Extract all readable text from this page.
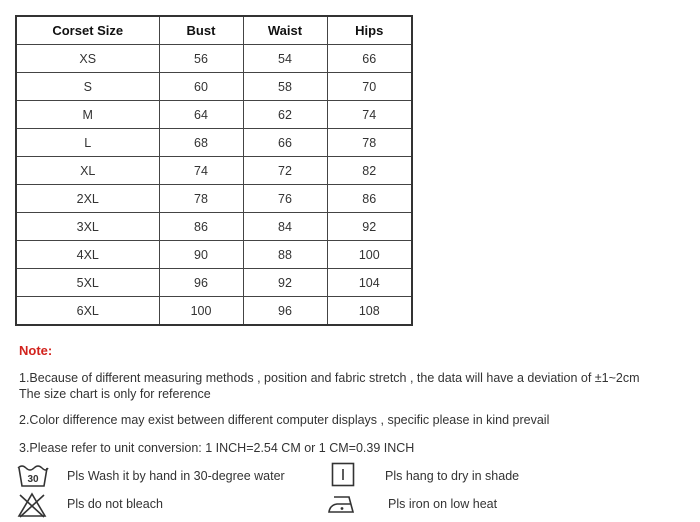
Corset Size	Bust	Waist	Hips
XS	56	54	66
S	60	58	70
M	64	62	74
L	68	66	78
XL	74	72	82
2XL	78	76	86
3XL	86	84	92
4XL	90	88	100
5XL	96	92	104
6XL	100	96	108
Note:
1.Because of different measuring methods , position and fabric stretch , the data will have a deviation of ±1~2cm
The size chart is only for reference
2.Color difference may exist between different computer displays , specific please in kind prevail
3.Please refer to unit conversion: 1 INCH=2.54 CM or 1 CM=0.39 INCH
30 Pls Wash it by hand in 30-degree water	Pls hang to dry in shade
Pls do not bleach	Pls iron on low heat
